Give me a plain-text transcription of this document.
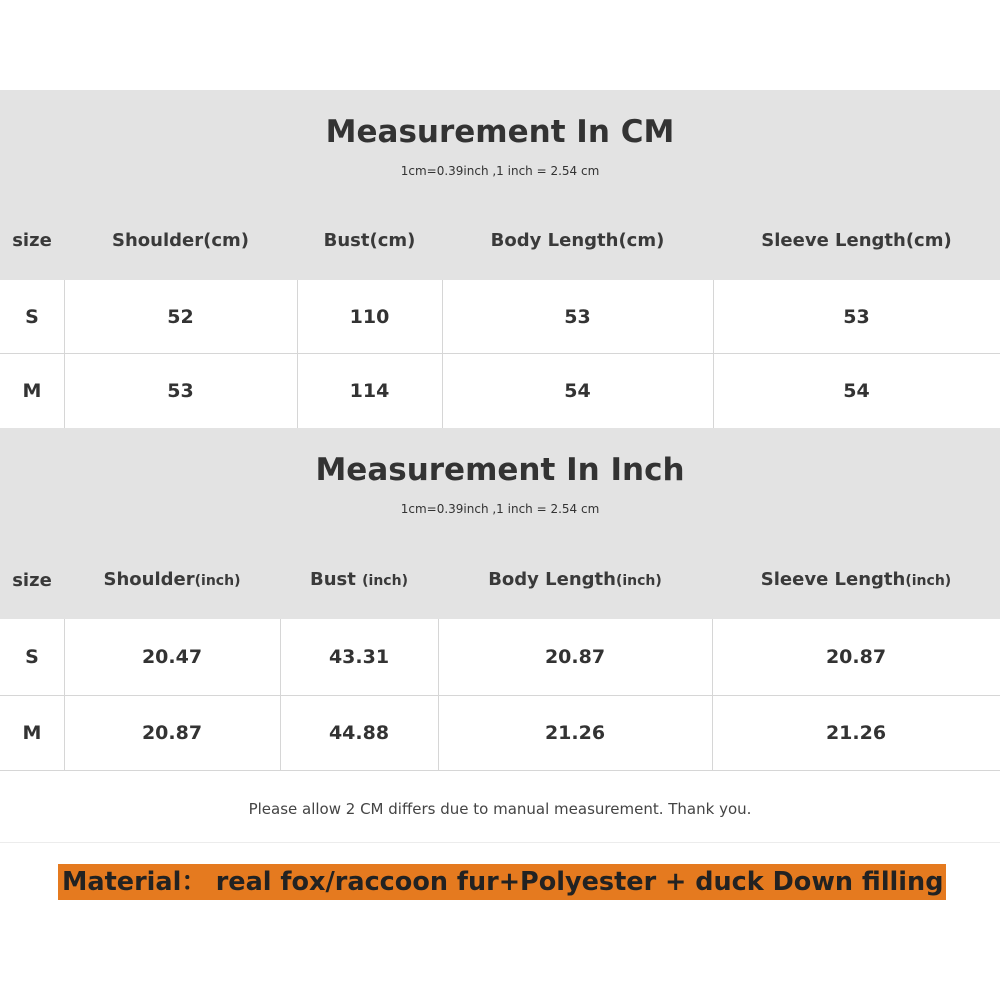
Measurement In CM
1cm=0.39inch ,1 inch = 2.54 cm
size	Shoulder(cm)	Bust(cm)	Body Length(cm)	Sleeve Length(cm)
S	52	110	53	53
M	53	114	54	54
Measurement In Inch
1cm=0.39inch ,1 inch = 2.54 cm
size	Shoulder(inch)	Bust (inch)	Body Length(inch)	Sleeve Length(inch)
S	20.47	43.31	20.87	20.87
M	20.87	44.88	21.26	21.26
Please allow 2 CM differs due to manual measurement. Thank you.
Material： real fox/raccoon fur+Polyester + duck Down filling
